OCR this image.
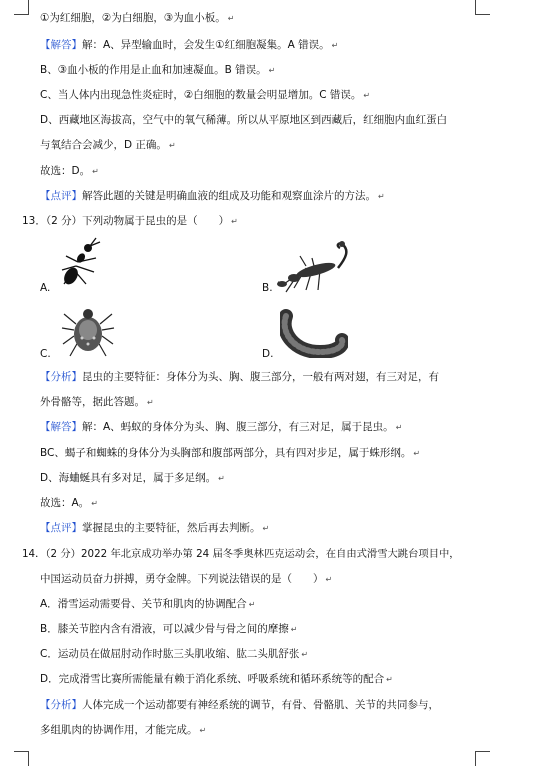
①为红细胞，②为白细胞，③为血小板。 ↵
【解答】解：A、异型输血时，会发生①红细胞凝集。A 错误。 ↵
B、③血小板的作用是止血和加速凝血。B 错误。 ↵
C、当人体内出现急性炎症时，②白细胞的数量会明显增加。C 错误。 ↵
D、西藏地区海拔高，空气中的氧气稀薄。所以从平原地区到西藏后，红细胞内血红蛋白
与氧结合会减少，D 正确。 ↵
故选：D。 ↵
【点评】解答此题的关键是明确血液的组成及功能和观察血涂片的方法。 ↵
13．（2 分）下列动物属于昆虫的是（　　） ↵
A.	B.
C.	D.
【分析】昆虫的主要特征：身体分为头、胸、腹三部分，一般有两对翅，有三对足，有
外骨骼等，据此答题。 ↵
【解答】解：A、蚂蚁的身体分为头、胸、腹三部分，有三对足，属于昆虫。 ↵
BC、蝎子和蜘蛛的身体分为头胸部和腹部两部分，具有四对步足，属于蛛形纲。 ↵
D、海蛐蜒具有多对足，属于多足纲。 ↵
故选：A。 ↵
【点评】掌握昆虫的主要特征，然后再去判断。 ↵
14．（2 分）2022 年北京成功举办第 24 届冬季奥林匹克运动会，在自由式滑雪大跳台项目中，
中国运动员奋力拼搏，勇夺金牌。下列说法错误的是（　　） ↵
A．滑雪运动需要骨、关节和肌肉的协调配合 ↵
B．膝关节腔内含有滑液，可以减少骨与骨之间的摩擦 ↵
C．运动员在做屈肘动作时肱三头肌收缩、肱二头肌舒张 ↵
D．完成滑雪比赛所需能量有赖于消化系统、呼吸系统和循环系统等的配合 ↵
【分析】人体完成一个运动都要有神经系统的调节，有骨、骨骼肌、关节的共同参与，
多组肌肉的协调作用，才能完成。 ↵
